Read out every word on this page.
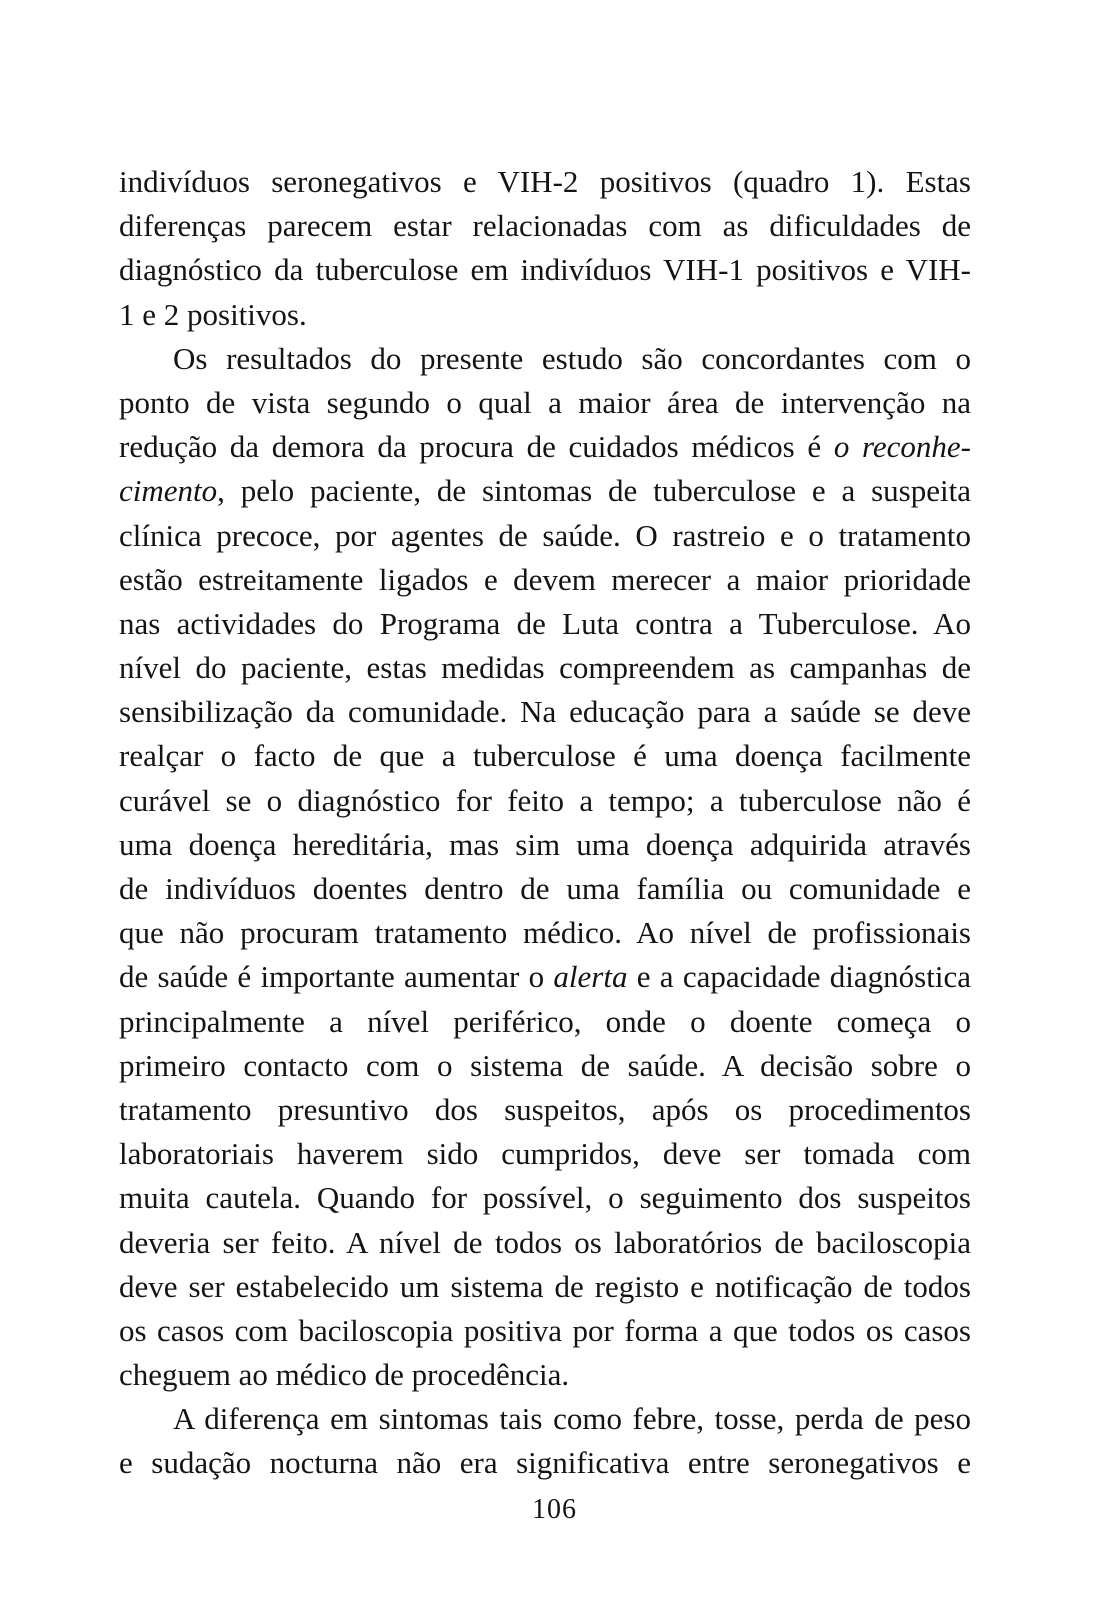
indivíduos seronegativos e VIH-2 positivos (quadro 1). Estas
diferenças parecem estar relacionadas com as dificuldades de
diagnóstico da tuberculose em indivíduos VIH-1 positivos e VIH-
1 e 2 positivos.
Os resultados do presente estudo são concordantes com o
ponto de vista segundo o qual a maior área de intervenção na
redução da demora da procura de cuidados médicos é o reconhe-
cimento, pelo paciente, de sintomas de tuberculose e a suspeita
clínica precoce, por agentes de saúde. O rastreio e o tratamento
estão estreitamente ligados e devem merecer a maior prioridade
nas actividades do Programa de Luta contra a Tuberculose. Ao
nível do paciente, estas medidas compreendem as campanhas de
sensibilização da comunidade. Na educação para a saúde se deve
realçar o facto de que a tuberculose é uma doença facilmente
curável se o diagnóstico for feito a tempo; a tuberculose não é
uma doença hereditária, mas sim uma doença adquirida através
de indivíduos doentes dentro de uma família ou comunidade e
que não procuram tratamento médico. Ao nível de profissionais
de saúde é importante aumentar o alerta e a capacidade diagnóstica
principalmente a nível periférico, onde o doente começa o
primeiro contacto com o sistema de saúde. A decisão sobre o
tratamento presuntivo dos suspeitos, após os procedimentos
laboratoriais haverem sido cumpridos, deve ser tomada com
muita cautela. Quando for possível, o seguimento dos suspeitos
deveria ser feito. A nível de todos os laboratórios de baciloscopia
deve ser estabelecido um sistema de registo e notificação de todos
os casos com baciloscopia positiva por forma a que todos os casos
cheguem ao médico de procedência.
A diferença em sintomas tais como febre, tosse, perda de peso
e sudação nocturna não era significativa entre seronegativos e
106
